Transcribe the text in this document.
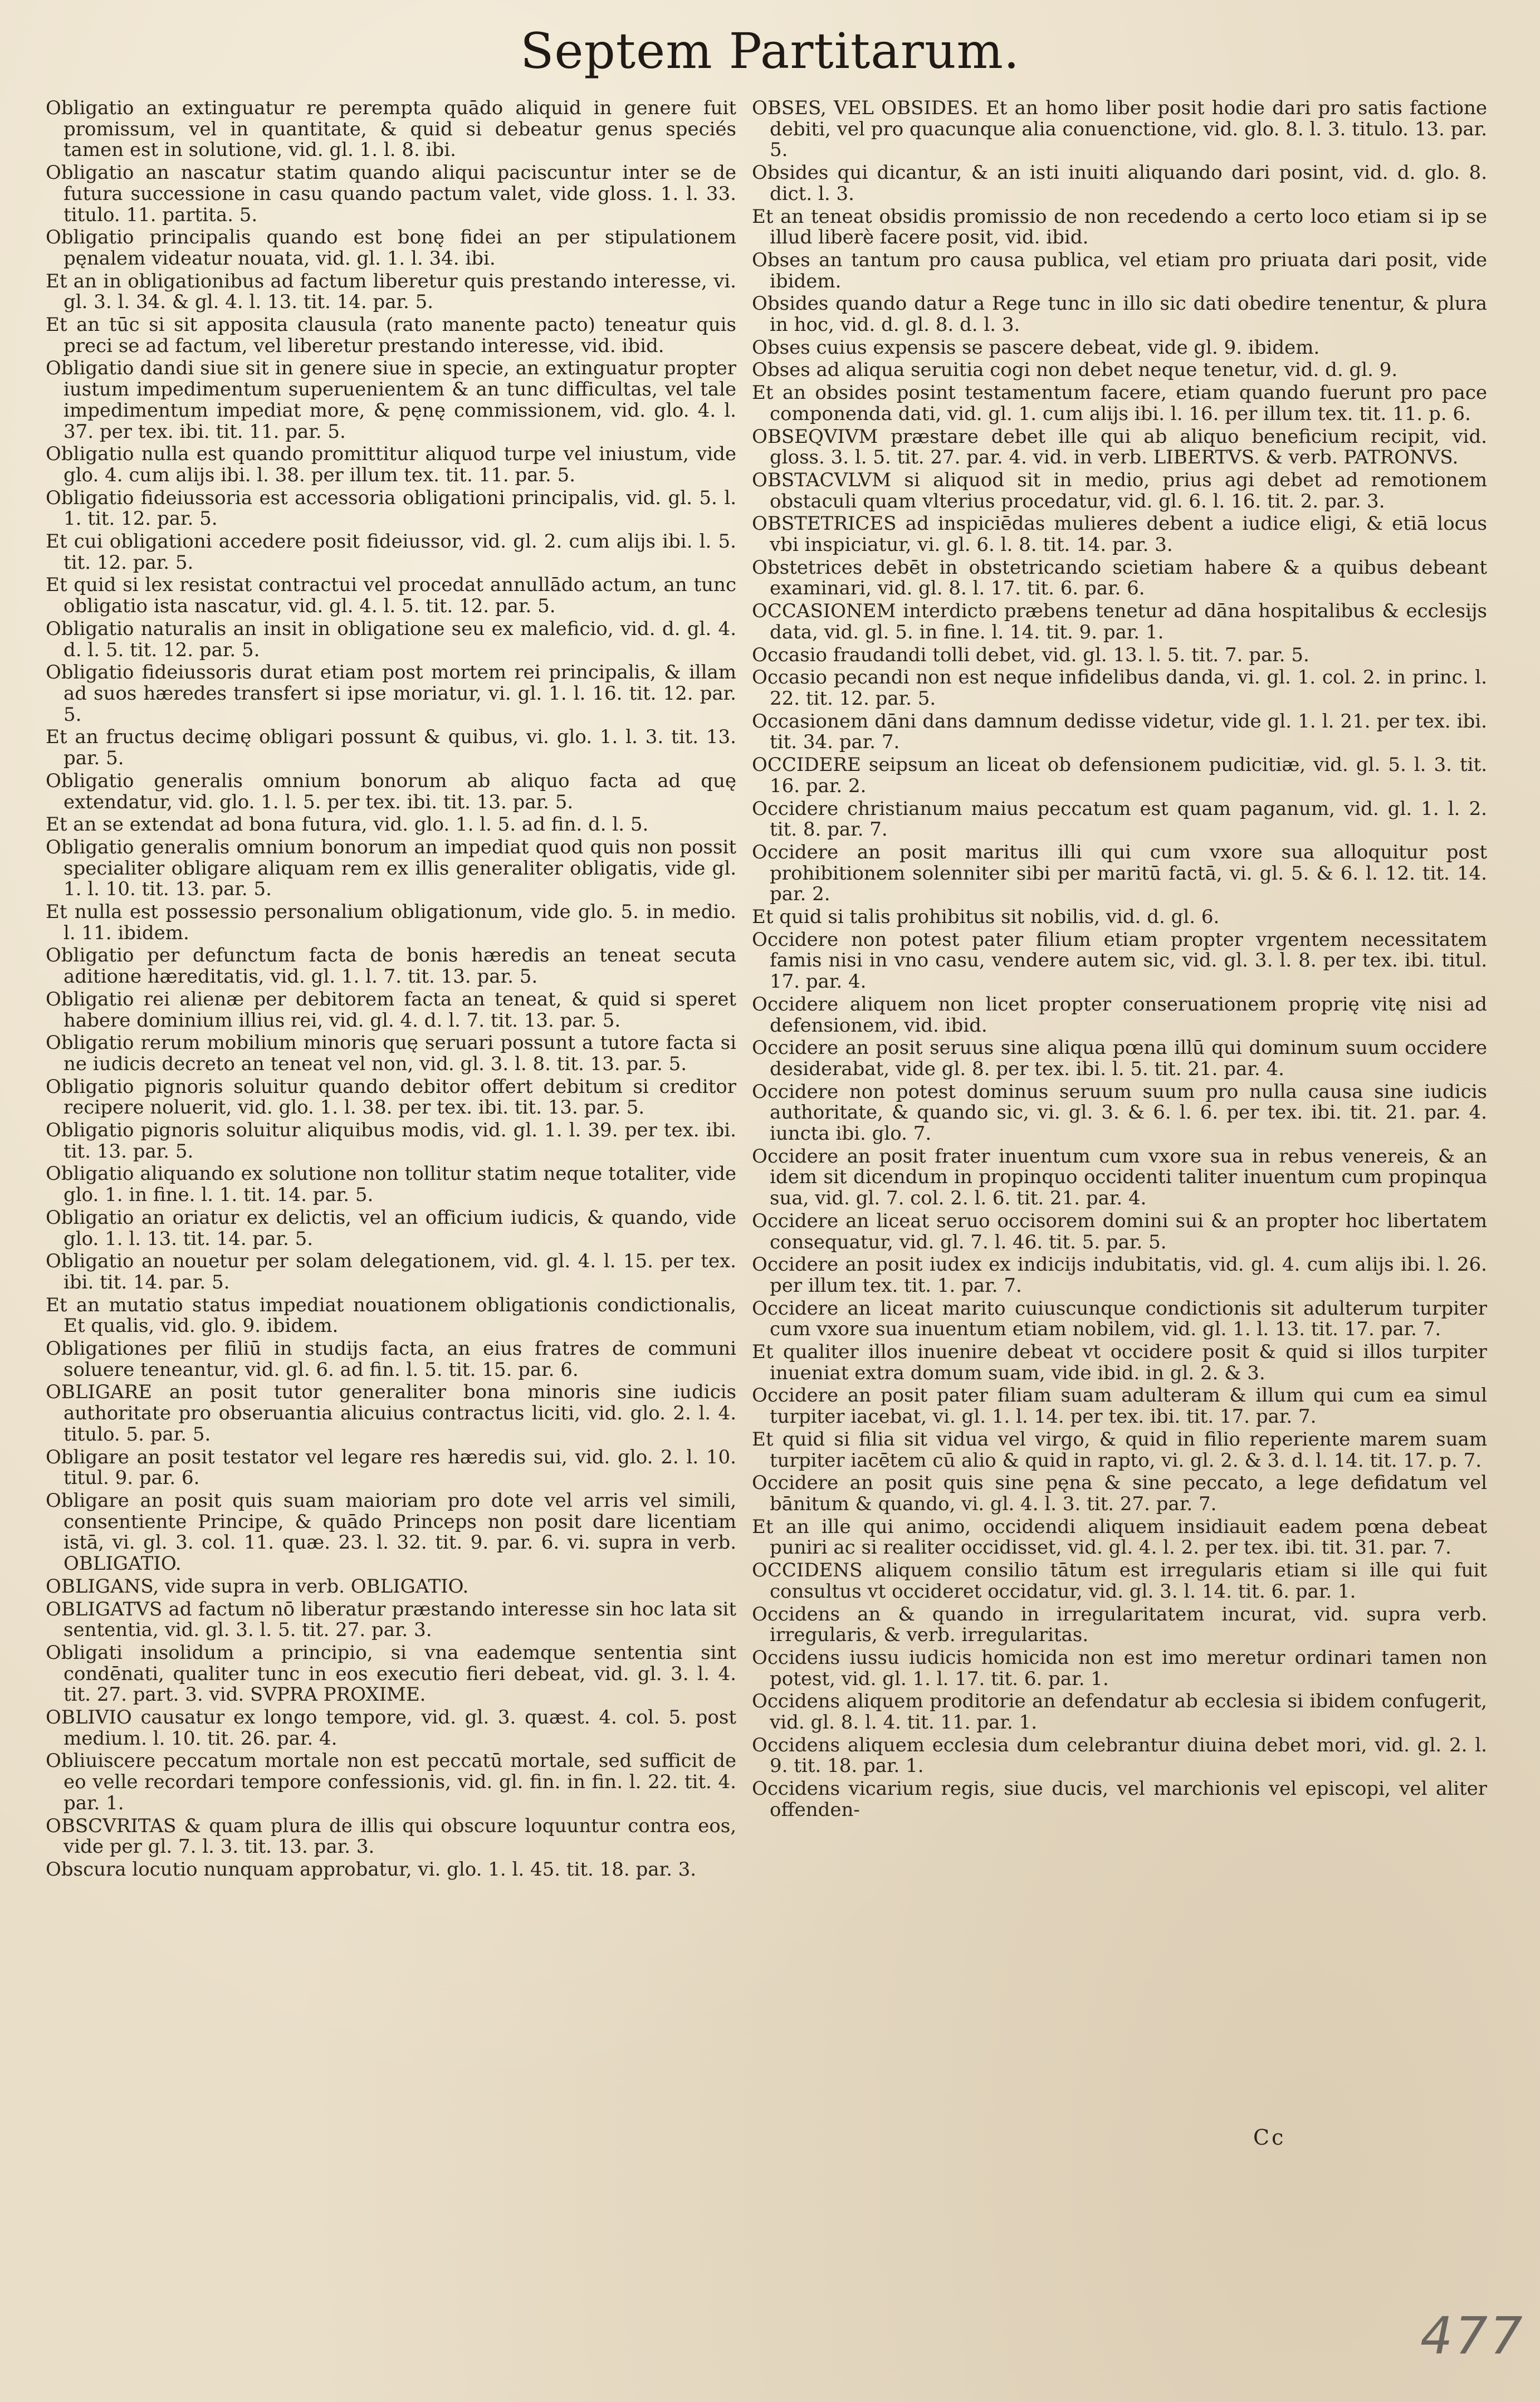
Septem Partitarum.

Obligatio an extinguatur re perempta quādo aliquid in genere fuit promissum, vel in quantitate, & quid si debeatur genus speciés tamen est in solutione, vid. gl. 1. l. 8. ibi.

Obligatio an nascatur statim quando aliqui paciscuntur inter se de futura successione in casu quando pactum valet, vide gloss. 1. l. 33. titulo. 11. partita. 5.

Obligatio principalis quando est bonę fidei an per stipulationem pęnalem videatur nouata, vid. gl. 1. l. 34. ibi.

Et an in obligationibus ad factum liberetur quis prestando interesse, vi. gl. 3. l. 34. & gl. 4. l. 13. tit. 14. par. 5.

Et an tūc si sit apposita clausula (rato manente pacto) teneatur quis preci se ad factum, vel liberetur prestando interesse, vid. ibid.

Obligatio dandi siue sit in genere siue in specie, an extinguatur propter iustum impedimentum superuenientem & an tunc difficultas, vel tale impedimentum impediat more, & pęnę commissionem, vid. glo. 4. l. 37. per tex. ibi. tit. 11. par. 5.

Obligatio nulla est quando promittitur aliquod turpe vel iniustum, vide glo. 4. cum alijs ibi. l. 38. per illum tex. tit. 11. par. 5.

Obligatio fideiussoria est accessoria obligationi principalis, vid. gl. 5. l. 1. tit. 12. par. 5.

Et cui obligationi accedere posit fideiussor, vid. gl. 2. cum alijs ibi. l. 5. tit. 12. par. 5.

Et quid si lex resistat contractui vel procedat annullādo actum, an tunc obligatio ista nascatur, vid. gl. 4. l. 5. tit. 12. par. 5.

Obligatio naturalis an insit in obligatione seu ex maleficio, vid. d. gl. 4. d. l. 5. tit. 12. par. 5.

Obligatio fideiussoris durat etiam post mortem rei principalis, & illam ad suos hæredes transfert si ipse moriatur, vi. gl. 1. l. 16. tit. 12. par. 5.

Et an fructus decimę obligari possunt & quibus, vi. glo. 1. l. 3. tit. 13. par. 5.

Obligatio generalis omnium bonorum ab aliquo facta ad quę extendatur, vid. glo. 1. l. 5. per tex. ibi. tit. 13. par. 5.

Et an se extendat ad bona futura, vid. glo. 1. l. 5. ad fin. d. l. 5.

Obligatio generalis omnium bonorum an impediat quod quis non possit specialiter obligare aliquam rem ex illis generaliter obligatis, vide gl. 1. l. 10. tit. 13. par. 5.

Et nulla est possessio personalium obligationum, vide glo. 5. in medio. l. 11. ibidem.

Obligatio per defunctum facta de bonis hæredis an teneat secuta aditione hæreditatis, vid. gl. 1. l. 7. tit. 13. par. 5.

Obligatio rei alienæ per debitorem facta an teneat, & quid si speret habere dominium illius rei, vid. gl. 4. d. l. 7. tit. 13. par. 5.

Obligatio rerum mobilium minoris quę seruari possunt a tutore facta si ne iudicis decreto an teneat vel non, vid. gl. 3. l. 8. tit. 13. par. 5.

Obligatio pignoris soluitur quando debitor offert debitum si creditor recipere noluerit, vid. glo. 1. l. 38. per tex. ibi. tit. 13. par. 5.

Obligatio pignoris soluitur aliquibus modis, vid. gl. 1. l. 39. per tex. ibi. tit. 13. par. 5.

Obligatio aliquando ex solutione non tollitur statim neque totaliter, vide glo. 1. in fine. l. 1. tit. 14. par. 5.

Obligatio an oriatur ex delictis, vel an officium iudicis, & quando, vide glo. 1. l. 13. tit. 14. par. 5.

Obligatio an nouetur per solam delegationem, vid. gl. 4. l. 15. per tex. ibi. tit. 14. par. 5.

Et an mutatio status impediat nouationem obligationis condictionalis, Et qualis, vid. glo. 9. ibidem.

Obligationes per filiū in studijs facta, an eius fratres de communi soluere teneantur, vid. gl. 6. ad fin. l. 5. tit. 15. par. 6.

OBLIGARE an posit tutor generaliter bona minoris sine iudicis authoritate pro obseruantia alicuius contractus liciti, vid. glo. 2. l. 4. titulo. 5. par. 5.

Obligare an posit testator vel legare res hæredis sui, vid. glo. 2. l. 10. titul. 9. par. 6.

Obligare an posit quis suam maioriam pro dote vel arris vel simili, consentiente Principe, & quādo Princeps non posit dare licentiam istā, vi. gl. 3. col. 11. quæ. 23. l. 32. tit. 9. par. 6. vi. supra in verb. OBLIGATIO.

OBLIGANS, vide supra in verb. OBLIGATIO.

OBLIGATVS ad factum nō liberatur præstando interesse sin hoc lata sit sententia, vid. gl. 3. l. 5. tit. 27. par. 3.

Obligati insolidum a principio, si vna eademque sententia sint condēnati, qualiter tunc in eos executio fieri debeat, vid. gl. 3. l. 4. tit. 27. part. 3. vid. SVPRA PROXIME.

OBLIVIO causatur ex longo tempore, vid. gl. 3. quæst. 4. col. 5. post medium. l. 10. tit. 26. par. 4.

Obliuiscere peccatum mortale non est peccatū mortale, sed sufficit de eo velle recordari tempore confessionis, vid. gl. fin. in fin. l. 22. tit. 4. par. 1.

OBSCVRITAS & quam plura de illis qui obscure loquuntur contra eos, vide per gl. 7. l. 3. tit. 13. par. 3.

Obscura locutio nunquam approbatur, vi. glo. 1. l. 45. tit. 18. par. 3.

OBSES, VEL OBSIDES. Et an homo liber posit hodie dari pro satis factione debiti, vel pro quacunque alia conuenctione, vid. glo. 8. l. 3. titulo. 13. par. 5.

Obsides qui dicantur, & an isti inuiti aliquando dari posint, vid. d. glo. 8. dict. l. 3.

Et an teneat obsidis promissio de non recedendo a certo loco etiam si ip se illud liberè facere posit, vid. ibid.

Obses an tantum pro causa publica, vel etiam pro priuata dari posit, vide ibidem.

Obsides quando datur a Rege tunc in illo sic dati obedire tenentur, & plura in hoc, vid. d. gl. 8. d. l. 3.

Obses cuius expensis se pascere debeat, vide gl. 9. ibidem.

Obses ad aliqua seruitia cogi non debet neque tenetur, vid. d. gl. 9.

Et an obsides posint testamentum facere, etiam quando fuerunt pro pace componenda dati, vid. gl. 1. cum alijs ibi. l. 16. per illum tex. tit. 11. p. 6.

OBSEQVIVM præstare debet ille qui ab aliquo beneficium recipit, vid. gloss. 3. l. 5. tit. 27. par. 4. vid. in verb. LIBERTVS. & verb. PATRONVS.

OBSTACVLVM si aliquod sit in medio, prius agi debet ad remotionem obstaculi quam vlterius procedatur, vid. gl. 6. l. 16. tit. 2. par. 3.

OBSTETRICES ad inspiciēdas mulieres debent a iudice eligi, & etiā locus vbi inspiciatur, vi. gl. 6. l. 8. tit. 14. par. 3.

Obstetrices debēt in obstetricando scietiam habere & a quibus debeant examinari, vid. gl. 8. l. 17. tit. 6. par. 6.

OCCASIONEM interdicto præbens tenetur ad dāna hospitalibus & ecclesijs data, vid. gl. 5. in fine. l. 14. tit. 9. par. 1.

Occasio fraudandi tolli debet, vid. gl. 13. l. 5. tit. 7. par. 5.

Occasio pecandi non est neque infidelibus danda, vi. gl. 1. col. 2. in princ. l. 22. tit. 12. par. 5.

Occasionem dāni dans damnum dedisse videtur, vide gl. 1. l. 21. per tex. ibi. tit. 34. par. 7.

OCCIDERE seipsum an liceat ob defensionem pudicitiæ, vid. gl. 5. l. 3. tit. 16. par. 2.

Occidere christianum maius peccatum est quam paganum, vid. gl. 1. l. 2. tit. 8. par. 7.

Occidere an posit maritus illi qui cum vxore sua alloquitur post prohibitionem solenniter sibi per maritū factā, vi. gl. 5. & 6. l. 12. tit. 14. par. 2.

Et quid si talis prohibitus sit nobilis, vid. d. gl. 6.

Occidere non potest pater filium etiam propter vrgentem necessitatem famis nisi in vno casu, vendere autem sic, vid. gl. 3. l. 8. per tex. ibi. titul. 17. par. 4.

Occidere aliquem non licet propter conseruationem proprię vitę nisi ad defensionem, vid. ibid.

Occidere an posit seruus sine aliqua pœna illū qui dominum suum occidere desiderabat, vide gl. 8. per tex. ibi. l. 5. tit. 21. par. 4.

Occidere non potest dominus seruum suum pro nulla causa sine iudicis authoritate, & quando sic, vi. gl. 3. & 6. l. 6. per tex. ibi. tit. 21. par. 4. iuncta ibi. glo. 7.

Occidere an posit frater inuentum cum vxore sua in rebus venereis, & an idem sit dicendum in propinquo occidenti taliter inuentum cum propinqua sua, vid. gl. 7. col. 2. l. 6. tit. 21. par. 4.

Occidere an liceat seruo occisorem domini sui & an propter hoc libertatem consequatur, vid. gl. 7. l. 46. tit. 5. par. 5.

Occidere an posit iudex ex indicijs indubitatis, vid. gl. 4. cum alijs ibi. l. 26. per illum tex. tit. 1. par. 7.

Occidere an liceat marito cuiuscunque condictionis sit adulterum turpiter cum vxore sua inuentum etiam nobilem, vid. gl. 1. l. 13. tit. 17. par. 7.

Et qualiter illos inuenire debeat vt occidere posit & quid si illos turpiter inueniat extra domum suam, vide ibid. in gl. 2. & 3.

Occidere an posit pater filiam suam adulteram & illum qui cum ea simul turpiter iacebat, vi. gl. 1. l. 14. per tex. ibi. tit. 17. par. 7.

Et quid si filia sit vidua vel virgo, & quid in filio reperiente marem suam turpiter iacētem cū alio & quid in rapto, vi. gl. 2. & 3. d. l. 14. tit. 17. p. 7.

Occidere an posit quis sine pęna & sine peccato, a lege defidatum vel bānitum & quando, vi. gl. 4. l. 3. tit. 27. par. 7.

Et an ille qui animo, occidendi aliquem insidiauit eadem pœna debeat puniri ac si realiter occidisset, vid. gl. 4. l. 2. per tex. ibi. tit. 31. par. 7.

OCCIDENS aliquem consilio tātum est irregularis etiam si ille qui fuit consultus vt occideret occidatur, vid. gl. 3. l. 14. tit. 6. par. 1.

Occidens an & quando in irregularitatem incurat, vid. supra verb. irregularis, & verb. irregularitas.

Occidens iussu iudicis homicida non est imo meretur ordinari tamen non potest, vid. gl. 1. l. 17. tit. 6. par. 1.

Occidens aliquem proditorie an defendatur ab ecclesia si ibidem confugerit, vid. gl. 8. l. 4. tit. 11. par. 1.

Occidens aliquem ecclesia dum celebrantur diuina debet mori, vid. gl. 2. l. 9. tit. 18. par. 1.

Occidens vicarium regis, siue ducis, vel marchionis vel episcopi, vel aliter offenden-

Cc
477
